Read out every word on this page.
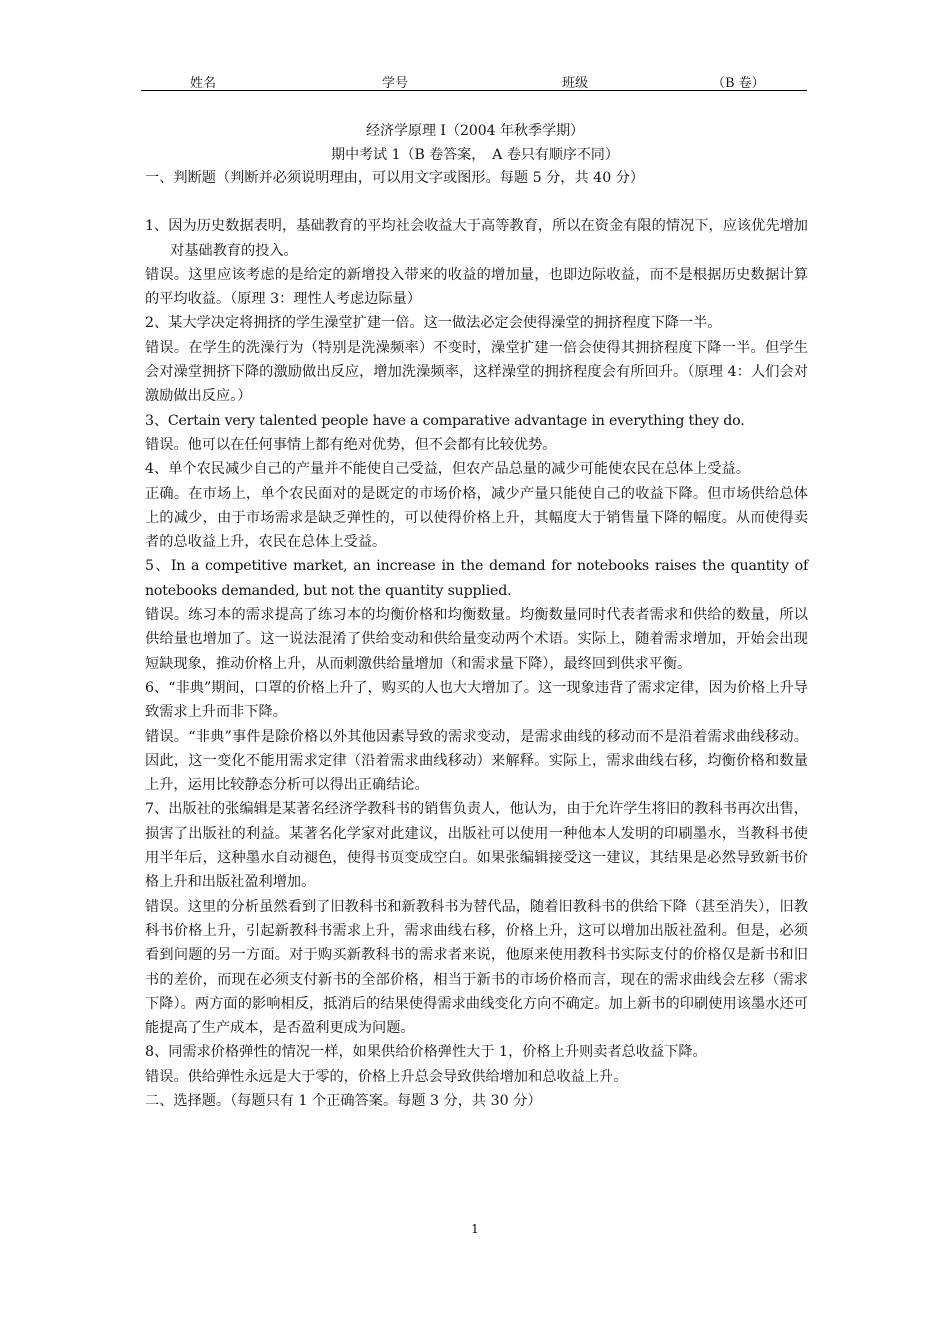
姓名	学号	班级	（B 卷）
经济学原理 I（2004 年秋季学期）
期中考试 1（B 卷答案，　A 卷只有顺序不同）

一、判断题（判断并必须说明理由，可以用文字或图形。每题 5 分，共 40 分）

1、因为历史数据表明，基础教育的平均社会收益大于高等教育，所以在资金有限的情况下，应该优先增加对基础教育的投入。

错误。这里应该考虑的是给定的新增投入带来的收益的增加量，也即边际收益，而不是根据历史数据计算的平均收益。（原理 3：理性人考虑边际量）

2、某大学决定将拥挤的学生澡堂扩建一倍。这一做法必定会使得澡堂的拥挤程度下降一半。

错误。在学生的洗澡行为（特别是洗澡频率）不变时，澡堂扩建一倍会使得其拥挤程度下降一半。但学生会对澡堂拥挤下降的激励做出反应，增加洗澡频率，这样澡堂的拥挤程度会有所回升。（原理 4：人们会对激励做出反应。）

3、Certain very talented people have a comparative advantage in everything they do.

错误。他可以在任何事情上都有绝对优势，但不会都有比较优势。

4、单个农民减少自己的产量并不能使自己受益，但农产品总量的减少可能使农民在总体上受益。

正确。在市场上，单个农民面对的是既定的市场价格，减少产量只能使自己的收益下降。但市场供给总体上的减少，由于市场需求是缺乏弹性的，可以使得价格上升，其幅度大于销售量下降的幅度。从而使得卖者的总收益上升，农民在总体上受益。

5、In a competitive market, an increase in the demand for notebooks raises the quantity of notebooks demanded, but not the quantity supplied.

错误。练习本的需求提高了练习本的均衡价格和均衡数量。均衡数量同时代表者需求和供给的数量，所以供给量也增加了。这一说法混淆了供给变动和供给量变动两个术语。实际上，随着需求增加，开始会出现短缺现象，推动价格上升，从而刺激供给量增加（和需求量下降），最终回到供求平衡。

6、“非典”期间，口罩的价格上升了，购买的人也大大增加了。这一现象违背了需求定律，因为价格上升导致需求上升而非下降。

错误。“非典”事件是除价格以外其他因素导致的需求变动，是需求曲线的移动而不是沿着需求曲线移动。因此，这一变化不能用需求定律（沿着需求曲线移动）来解释。实际上，需求曲线右移，均衡价格和数量上升，运用比较静态分析可以得出正确结论。

7、出版社的张编辑是某著名经济学教科书的销售负责人，他认为，由于允许学生将旧的教科书再次出售，损害了出版社的利益。某著名化学家对此建议，出版社可以使用一种他本人发明的印刷墨水，当教科书使用半年后，这种墨水自动褪色，使得书页变成空白。如果张编辑接受这一建议，其结果是必然导致新书价格上升和出版社盈利增加。

错误。这里的分析虽然看到了旧教科书和新教科书为替代品，随着旧教科书的供给下降（甚至消失），旧教科书价格上升，引起新教科书需求上升，需求曲线右移，价格上升，这可以增加出版社盈利。但是，必须看到问题的另一方面。对于购买新教科书的需求者来说，他原来使用教科书实际支付的价格仅是新书和旧书的差价，而现在必须支付新书的全部价格，相当于新书的市场价格而言，现在的需求曲线会左移（需求下降）。两方面的影响相反，抵消后的结果使得需求曲线变化方向不确定。加上新书的印刷使用该墨水还可能提高了生产成本，是否盈利更成为问题。

8、同需求价格弹性的情况一样，如果供给价格弹性大于 1，价格上升则卖者总收益下降。

错误。供给弹性永远是大于零的，价格上升总会导致供给增加和总收益上升。

二、选择题。（每题只有 1 个正确答案。每题 3 分，共 30 分）

1
